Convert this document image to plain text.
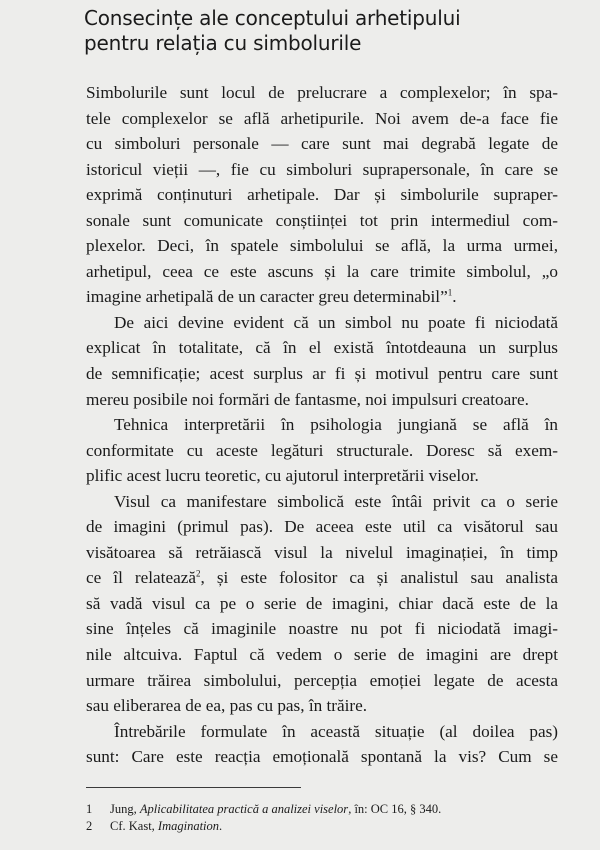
Consecințe ale conceptului arhetipului
pentru relația cu simbolurile

Simbolurile sunt locul de prelucrare a complexelor; în spa-
tele complexelor se află arhetipurile. Noi avem de-a face fie
cu simboluri personale — care sunt mai degrabă legate de
istoricul vieții —, fie cu simboluri suprapersonale, în care se
exprimă conținuturi arhetipale. Dar și simbolurile supraper-
sonale sunt comunicate conștiinței tot prin intermediul com-
plexelor. Deci, în spatele simbolului se află, la urma urmei,
arhetipul, ceea ce este ascuns și la care trimite simbolul, „o
imagine arhetipală de un caracter greu determinabil”$^1$.

De aici devine evident că un simbol nu poate fi niciodată
explicat în totalitate, că în el există întotdeauna un surplus
de semnificație; acest surplus ar fi și motivul pentru care sunt
mereu posibile noi formări de fantasme, noi impulsuri creatoare.

Tehnica interpretării în psihologia jungiană se află în
conformitate cu aceste legături structurale. Doresc să exem-
plific acest lucru teoretic, cu ajutorul interpretării viselor.

Visul ca manifestare simbolică este întâi privit ca o serie
de imagini (primul pas). De aceea este util ca visătorul sau
visătoarea să retrăiască visul la nivelul imaginației, în timp
ce îl relatează$^2$, și este folositor ca și analistul sau analista
să vadă visul ca pe o serie de imagini, chiar dacă este de la
sine înțeles că imaginile noastre nu pot fi niciodată imagi-
nile altcuiva. Faptul că vedem o serie de imagini are drept
urmare trăirea simbolului, percepția emoției legate de acesta
sau eliberarea de ea, pas cu pas, în trăire.

Întrebările formulate în această situație (al doilea pas)
sunt: Care este reacția emoțională spontană la vis? Cum se

1 Jung, Aplicabilitatea practică a analizei viselor, în: OC 16, § 340.
2 Cf. Kast, Imagination.
